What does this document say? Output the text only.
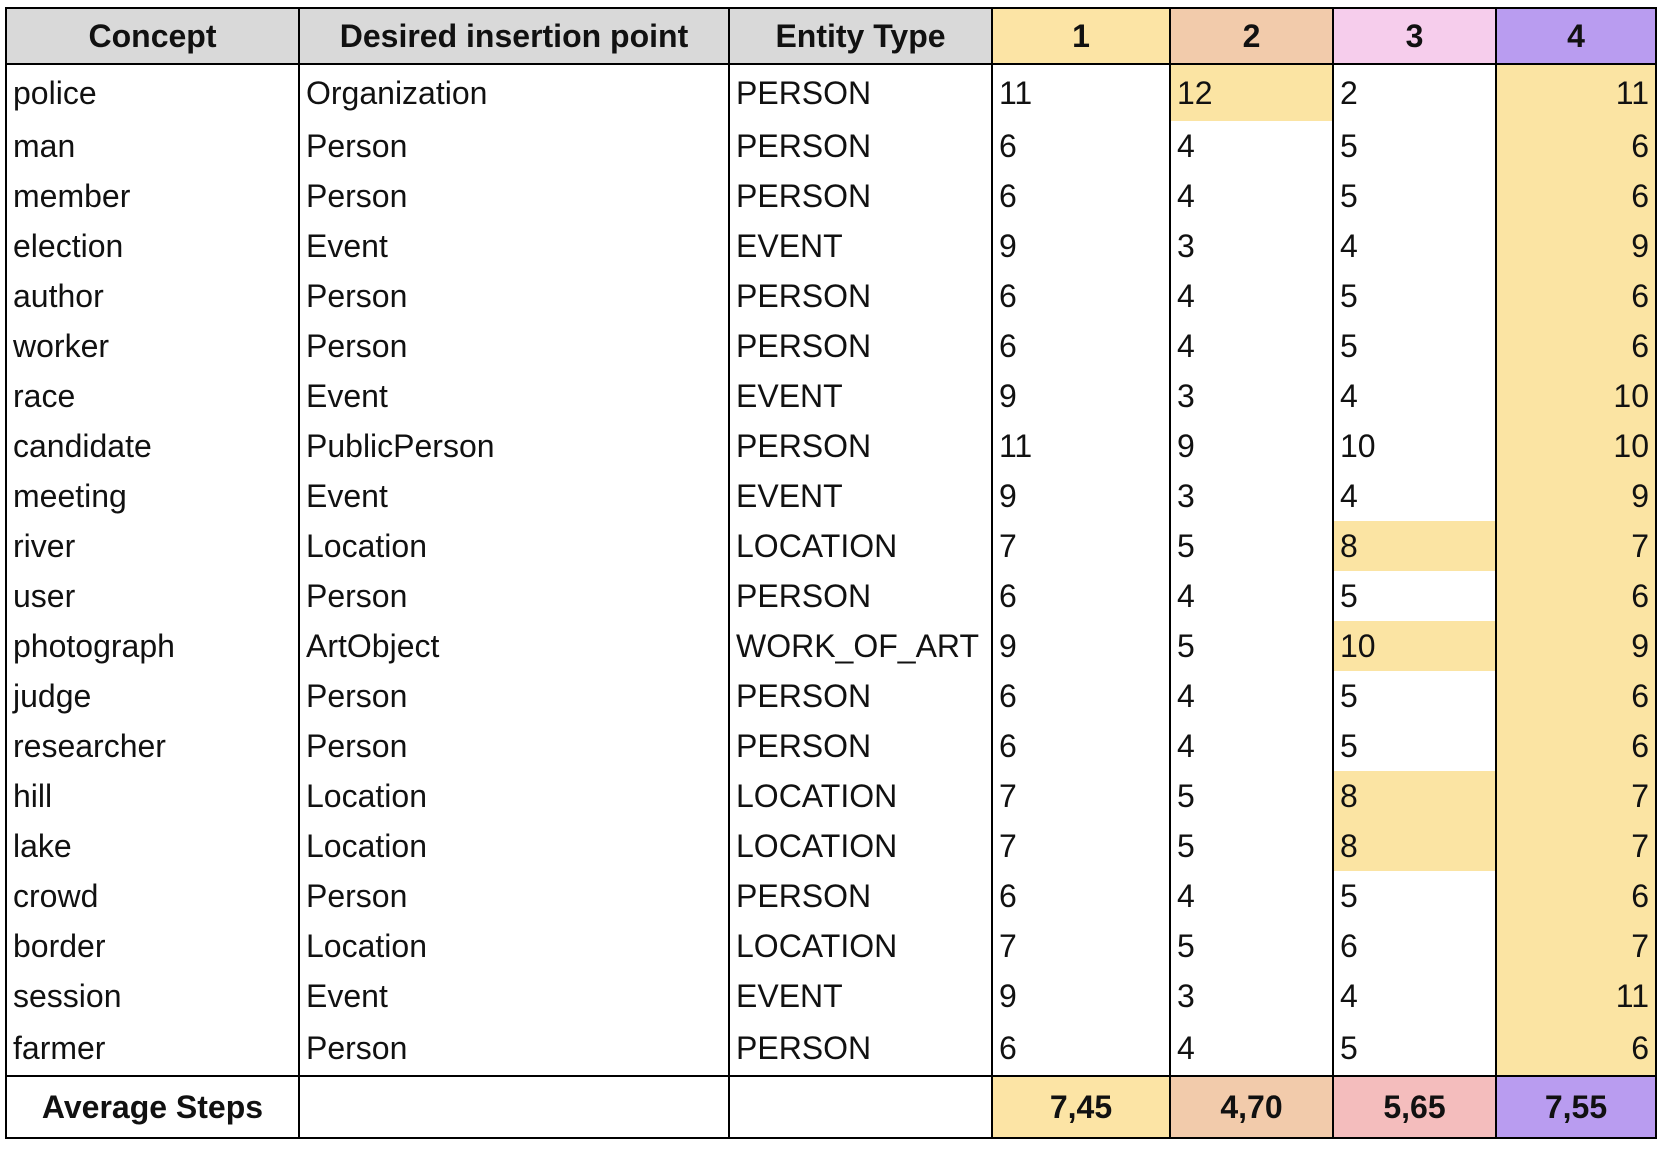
Concept	Desired insertion point	Entity Type	1	2	3	4
police	Organization	PERSON	11	12	2	11
man	Person	PERSON	6	4	5	6
member	Person	PERSON	6	4	5	6
election	Event	EVENT	9	3	4	9
author	Person	PERSON	6	4	5	6
worker	Person	PERSON	6	4	5	6
race	Event	EVENT	9	3	4	10
candidate	PublicPerson	PERSON	11	9	10	10
meeting	Event	EVENT	9	3	4	9
river	Location	LOCATION	7	5	8	7
user	Person	PERSON	6	4	5	6
photograph	ArtObject	WORK_OF_ART	9	5	10	9
judge	Person	PERSON	6	4	5	6
researcher	Person	PERSON	6	4	5	6
hill	Location	LOCATION	7	5	8	7
lake	Location	LOCATION	7	5	8	7
crowd	Person	PERSON	6	4	5	6
border	Location	LOCATION	7	5	6	7
session	Event	EVENT	9	3	4	11
farmer	Person	PERSON	6	4	5	6
Average Steps			7,45	4,70	5,65	7,55
